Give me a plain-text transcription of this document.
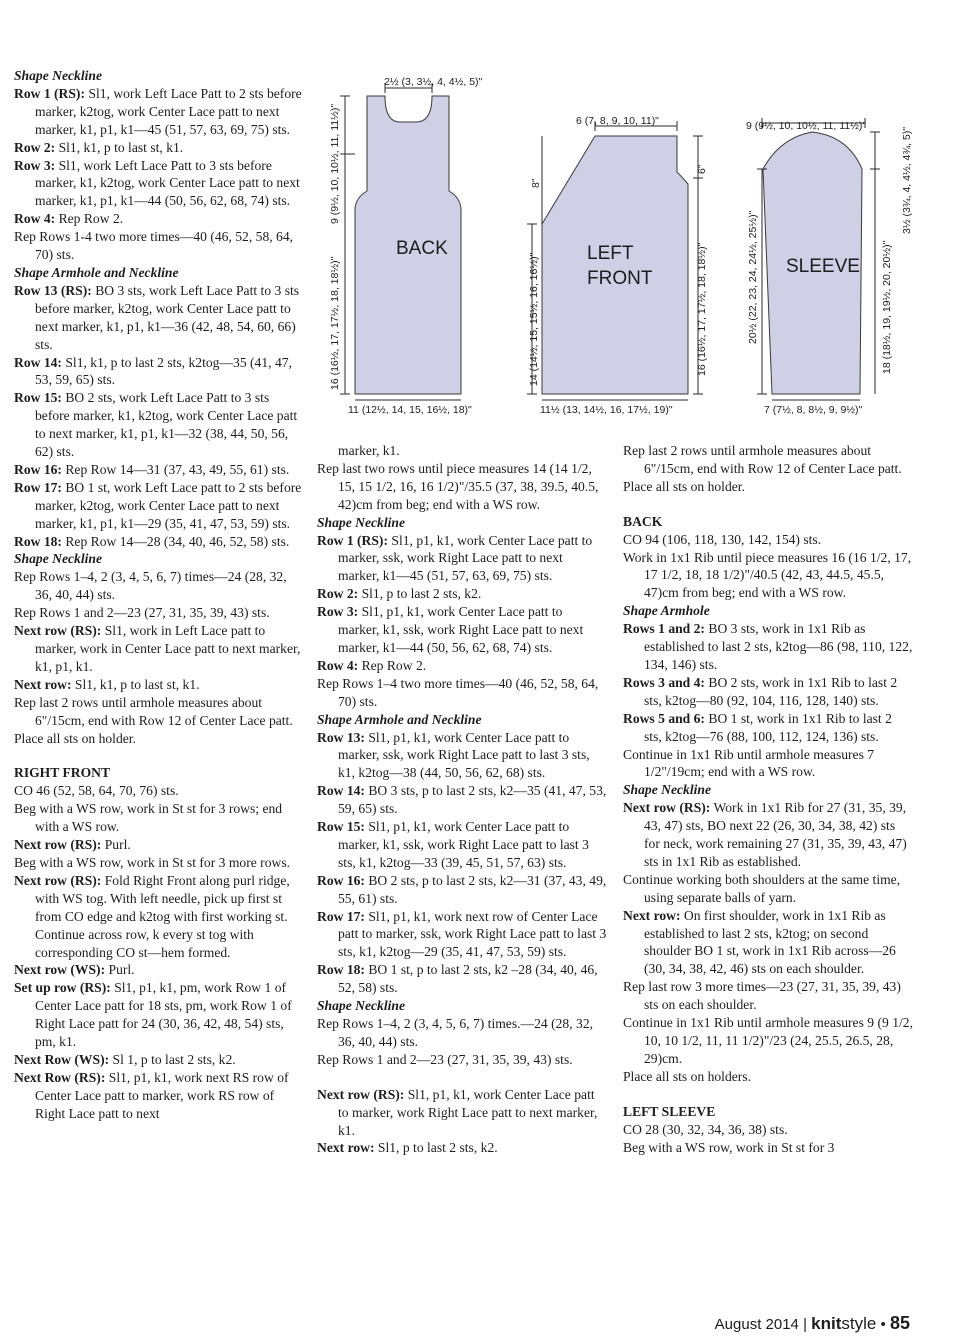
2½ (3, 3½, 4, 4½, 5)"
9 (9½, 10, 10½, 11, 11½)"
16 (16½, 17, 17½, 18, 18½)"
11 (12½, 14, 15, 16½, 18)"
BACK
6 (7, 8, 9, 10, 11)"
8"
14 (14½, 15, 15½, 16, 16½)"
6"
16 (16½, 17, 17½, 18, 18½)"
11½ (13, 14½, 16, 17½, 19)"
LEFT
FRONT
9 (9½, 10, 10½, 11, 11½)"
3½ (3¾, 4, 4½, 4¾, 5)"
20½ (22, 23, 24, 24½, 25½)"	18 (18½, 19, 19½, 20, 20½)"
7 (7½, 8, 8½, 9, 9½)"
SLEEVE

Shape Neckline

Row 1 (RS): Sl1, work Left Lace Patt to 2 sts before marker, k2tog, work Center Lace patt to next marker, k1, p1, k1—45 (51, 57, 63, 69, 75) sts.

Row 2: Sl1, k1, p to last st, k1.

Row 3: Sl1, work Left Lace Patt to 3 sts before marker, k1, k2tog, work Center Lace patt to next marker, k1, p1, k1—44 (50, 56, 62, 68, 74) sts.

Row 4: Rep Row 2.

Rep Rows 1-4 two more times—40 (46, 52, 58, 64, 70) sts.

Shape Armhole and Neckline

Row 13 (RS): BO 3 sts, work Left Lace Patt to 3 sts before marker, k2tog, work Center Lace patt to next marker, k1, p1, k1—36 (42, 48, 54, 60, 66) sts.

Row 14: Sl1, k1, p to last 2 sts, k2tog—35 (41, 47, 53, 59, 65) sts.

Row 15: BO 2 sts, work Left Lace Patt to 3 sts before marker, k1, k2tog, work Center Lace patt to next marker, k1, p1, k1—32 (38, 44, 50, 56, 62) sts.

Row 16: Rep Row 14—31 (37, 43, 49, 55, 61) sts.

Row 17: BO 1 st, work Left Lace patt to 2 sts before marker, k2tog, work Center Lace patt to next marker, k1, p1, k1—29 (35, 41, 47, 53, 59) sts.

Row 18: Rep Row 14—28 (34, 40, 46, 52, 58) sts.

Shape Neckline

Rep Rows 1–4, 2 (3, 4, 5, 6, 7) times—24 (28, 32, 36, 40, 44) sts.

Rep Rows 1 and 2—23 (27, 31, 35, 39, 43) sts.

Next row (RS): Sl1, work in Left Lace patt to marker, work in Center Lace patt to next marker, k1, p1, k1.

Next row: Sl1, k1, p to last st, k1.

Rep last 2 rows until armhole measures about 6"/15cm, end with Row 12 of Center Lace patt.

Place all sts on holder.

RIGHT FRONT

CO 46 (52, 58, 64, 70, 76) sts.

Beg with a WS row, work in St st for 3 rows; end with a WS row.

Next row (RS): Purl.

Beg with a WS row, work in St st for 3 more rows.

Next row (RS): Fold Right Front along purl ridge, with WS tog. With left needle, pick up first st from CO edge and k2tog with first working st. Continue across row, k every st tog with corresponding CO st—hem formed.

Next row (WS): Purl.

Set up row (RS): Sl1, p1, k1, pm, work Row 1 of Center Lace patt for 18 sts, pm, work Row 1 of Right Lace patt for 24 (30, 36, 42, 48, 54) sts, pm, k1.

Next Row (WS): Sl 1, p to last 2 sts, k2.

Next Row (RS): Sl1, p1, k1, work next RS row of Center Lace patt to marker, work RS row of Right Lace patt to next

marker, k1.

Rep last two rows until piece measures 14 (14 1/2, 15, 15 1/2, 16, 16 1/2)"/35.5 (37, 38, 39.5, 40.5, 42)cm from beg; end with a WS row.

Shape Neckline

Row 1 (RS): Sl1, p1, k1, work Center Lace patt to marker, ssk, work Right Lace patt to next marker, k1—45 (51, 57, 63, 69, 75) sts.

Row 2: Sl1, p to last 2 sts, k2.

Row 3: Sl1, p1, k1, work Center Lace patt to marker, k1, ssk, work Right Lace patt to next marker, k1—44 (50, 56, 62, 68, 74) sts.

Row 4: Rep Row 2.

Rep Rows 1–4 two more times—40 (46, 52, 58, 64, 70) sts.

Shape Armhole and Neckline

Row 13: Sl1, p1, k1, work Center Lace patt to marker, ssk, work Right Lace patt to last 3 sts, k1, k2tog—38 (44, 50, 56, 62, 68) sts.

Row 14: BO 3 sts, p to last 2 sts, k2—35 (41, 47, 53, 59, 65) sts.

Row 15: Sl1, p1, k1, work Center Lace patt to marker, k1, ssk, work Right Lace patt to last 3 sts, k1, k2tog—33 (39, 45, 51, 57, 63) sts.

Row 16: BO 2 sts, p to last 2 sts, k2—31 (37, 43, 49, 55, 61) sts.

Row 17: Sl1, p1, k1, work next row of Center Lace patt to marker, ssk, work Right Lace patt to last 3 sts, k1, k2tog—29 (35, 41, 47, 53, 59) sts.

Row 18: BO 1 st, p to last 2 sts, k2 –28 (34, 40, 46, 52, 58) sts.

Shape Neckline

Rep Rows 1–4, 2 (3, 4, 5, 6, 7) times.—24 (28, 32, 36, 40, 44) sts.

Rep Rows 1 and 2—23 (27, 31, 35, 39, 43) sts.

Next row (RS): Sl1, p1, k1, work Center Lace patt to marker, work Right Lace patt to next marker, k1.

Next row: Sl1, p to last 2 sts, k2.

Rep last 2 rows until armhole measures about 6"/15cm, end with Row 12 of Center Lace patt.

Place all sts on holder.

BACK

CO 94 (106, 118, 130, 142, 154) sts.

Work in 1x1 Rib until piece measures 16 (16 1/2, 17, 17 1/2, 18, 18 1/2)"/40.5 (42, 43, 44.5, 45.5, 47)cm from beg; end with a WS row.

Shape Armhole

Rows 1 and 2: BO 3 sts, work in 1x1 Rib as established to last 2 sts, k2tog—86 (98, 110, 122, 134, 146) sts.

Rows 3 and 4: BO 2 sts, work in 1x1 Rib to last 2 sts, k2tog—80 (92, 104, 116, 128, 140) sts.

Rows 5 and 6: BO 1 st, work in 1x1 Rib to last 2 sts, k2tog—76 (88, 100, 112, 124, 136) sts.

Continue in 1x1 Rib until armhole measures 7 1/2"/19cm; end with a WS row.

Shape Neckline

Next row (RS): Work in 1x1 Rib for 27 (31, 35, 39, 43, 47) sts, BO next 22 (26, 30, 34, 38, 42) sts for neck, work remaining 27 (31, 35, 39, 43, 47) sts in 1x1 Rib as established.

Continue working both shoulders at the same time, using separate balls of yarn.

Next row: On first shoulder, work in 1x1 Rib as established to last 2 sts, k2tog; on second shoulder BO 1 st, work in 1x1 Rib across—26 (30, 34, 38, 42, 46) sts on each shoulder.

Rep last row 3 more times—23 (27, 31, 35, 39, 43) sts on each shoulder.

Continue in 1x1 Rib until armhole measures 9 (9 1/2, 10, 10 1/2, 11, 11 1/2)"/23 (24, 25.5, 26.5, 28, 29)cm.

Place all sts on holders.

LEFT SLEEVE

CO 28 (30, 32, 34, 36, 38) sts.

Beg with a WS row, work in St st for 3

August 2014 | knitstyle • 85
